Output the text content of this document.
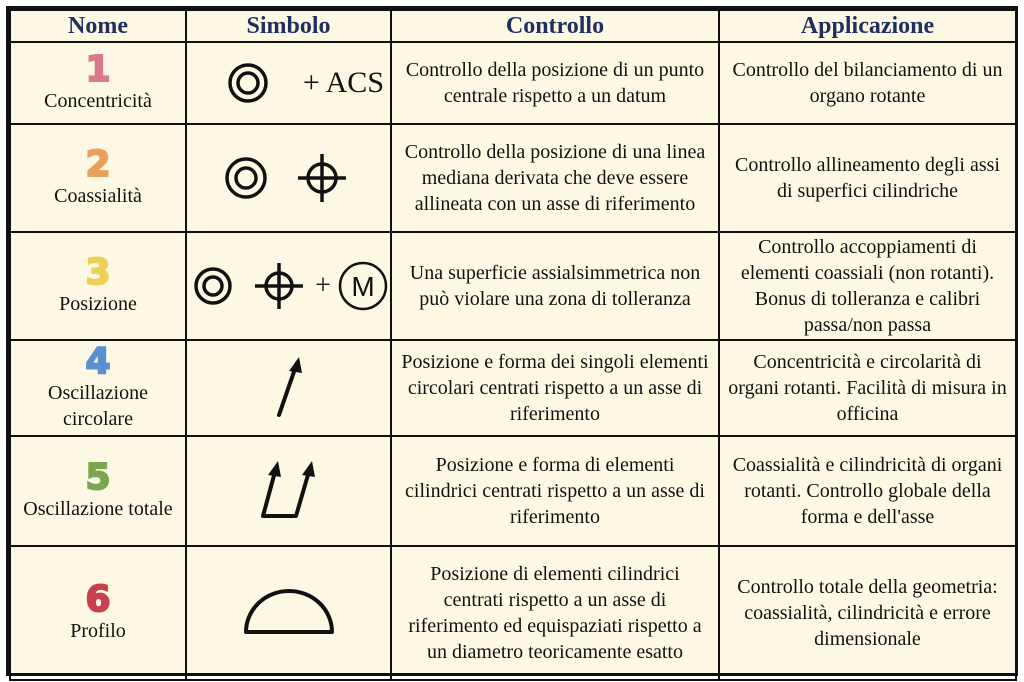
Nome	Simbolo	Controllo	Applicazione

1
Concentricità	+ ACS	Controllo della posizione di un punto centrale rispetto a un datum	Controllo del bilanciamento di un organo rotante

2
Coassialità		Controllo della posizione di una linea mediana derivata che deve essere allineata con un asse di riferimento	Controllo allineamento degli assi di superfici cilindriche

3
Posizione	+ M	Una superficie assialsimmetrica non può violare una zona di tolleranza	Controllo accoppiamenti di elementi coassiali (non rotanti). Bonus di tolleranza e calibri passa/non passa

4
Oscillazione circolare		Posizione e forma dei singoli elementi circolari centrati rispetto a un asse di riferimento	Concentricità e circolarità di organi rotanti. Facilità di misura in officina

5
Oscillazione totale		Posizione e forma di elementi cilindrici centrati rispetto a un asse di riferimento	Coassialità e cilindricità di organi rotanti. Controllo globale della forma e dell'asse

6
Profilo		Posizione di elementi cilindrici centrati rispetto a un asse di riferimento ed equispaziati rispetto a un diametro teoricamente esatto	Controllo totale della geometria: coassialità, cilindricità e errore dimensionale
